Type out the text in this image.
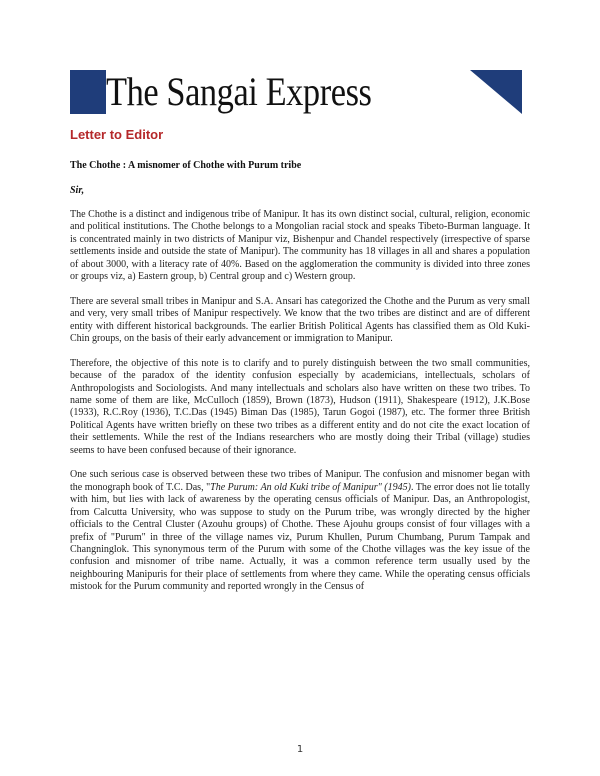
The Sangai Express
Letter to Editor
The Chothe : A misnomer of Chothe with Purum tribe
Sir,

The Chothe is a distinct and indigenous tribe of Manipur. It has its own distinct social, cultural, religion, economic and political institutions. The Chothe belongs to a Mongolian racial stock and speaks Tibeto-Burman language. It is concentrated mainly in two districts of Manipur viz, Bishenpur and Chandel respectively (irrespective of sparse settlements inside and outside the state of Manipur). The community has 18 villages in all and shares a population of about 3000, with a literacy rate of 40%. Based on the agglomeration the community is divided into three zones or groups viz, a) Eastern group, b) Central group and c) Western group.

There are several small tribes in Manipur and S.A. Ansari has categorized the Chothe and the Purum as very small and very, very small tribes of Manipur respectively. We know that the two tribes are distinct and are of different entity with different historical backgrounds. The earlier British Political Agents has classified them as Old Kuki-Chin groups, on the basis of their early advancement or immigration to Manipur.

Therefore, the objective of this note is to clarify and to purely distinguish between the two small communities, because of the paradox of the identity confusion especially by academicians, intellectuals, scholars of Anthropologists and Sociologists. And many intellectuals and scholars also have written on these two tribes. To name some of them are like, McCulloch (1859), Brown (1873), Hudson (1911), Shakespeare (1912), J.K.Bose (1933), R.C.Roy (1936), T.C.Das (1945) Biman Das (1985), Tarun Gogoi (1987), etc. The former three British Political Agents have written briefly on these two tribes as a different entity and do not cite the exact location of their settlements. While the rest of the Indians researchers who are mostly doing their Tribal (village) studies seems to have been confused because of their ignorance.

One such serious case is observed between these two tribes of Manipur. The confusion and misnomer began with the monograph book of T.C. Das, "The Purum: An old Kuki tribe of Manipur" (1945). The error does not lie totally with him, but lies with lack of awareness by the operating census officials of Manipur. Das, an Anthropologist, from Calcutta University, who was suppose to study on the Purum tribe, was wrongly directed by the higher officials to the Central Cluster (Azouhu groups) of Chothe. These Ajouhu groups consist of four villages with a prefix of "Purum" in three of the village names viz, Purum Khullen, Purum Chumbang, Purum Tampak and Changninglok. This synonymous term of the Purum with some of the Chothe villages was the key issue of the confusion and misnomer of tribe name. Actually, it was a common reference term usually used by the neighbouring Manipuris for their place of settlements from where they came. While the operating census officials mistook for the Purum community and reported wrongly in the Census of

1
